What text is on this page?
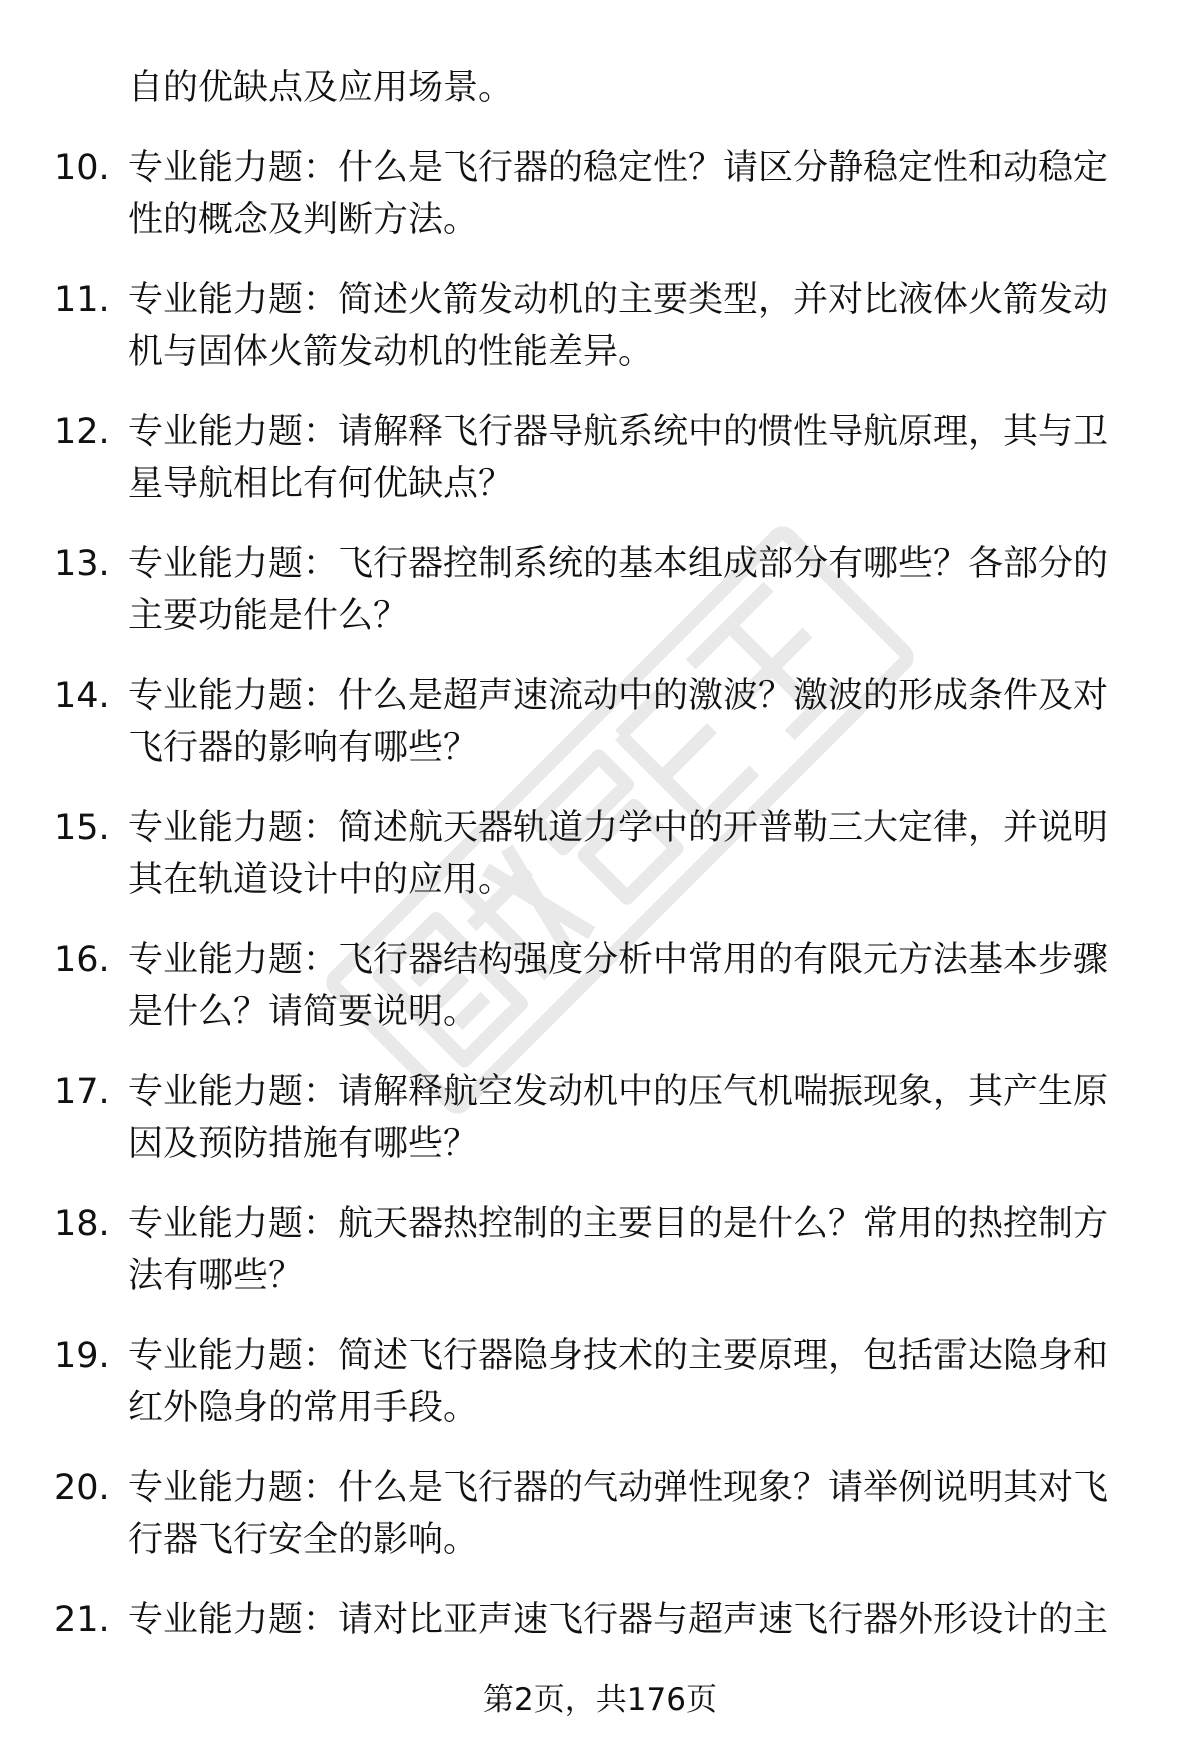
自的优缺点及应用场景。

10. 专业能力题：什么是飞行器的稳定性？请区分静稳定性和动稳定性的概念及判断方法。

11. 专业能力题：简述火箭发动机的主要类型，并对比液体火箭发动机与固体火箭发动机的性能差异。

12. 专业能力题：请解释飞行器导航系统中的惯性导航原理，其与卫星导航相比有何优缺点？

13. 专业能力题：飞行器控制系统的基本组成部分有哪些？各部分的主要功能是什么？

14. 专业能力题：什么是超声速流动中的激波？激波的形成条件及对飞行器的影响有哪些？

15. 专业能力题：简述航天器轨道力学中的开普勒三大定律，并说明其在轨道设计中的应用。

16. 专业能力题：飞行器结构强度分析中常用的有限元方法基本步骤是什么？请简要说明。

17. 专业能力题：请解释航空发动机中的压气机喘振现象，其产生原因及预防措施有哪些？

18. 专业能力题：航天器热控制的主要目的是什么？常用的热控制方法有哪些？

19. 专业能力题：简述飞行器隐身技术的主要原理，包括雷达隐身和红外隐身的常用手段。

20. 专业能力题：什么是飞行器的气动弹性现象？请举例说明其对飞行器飞行安全的影响。

21. 专业能力题：请对比亚声速飞行器与超声速飞行器外形设计的主

第2页，共176页
